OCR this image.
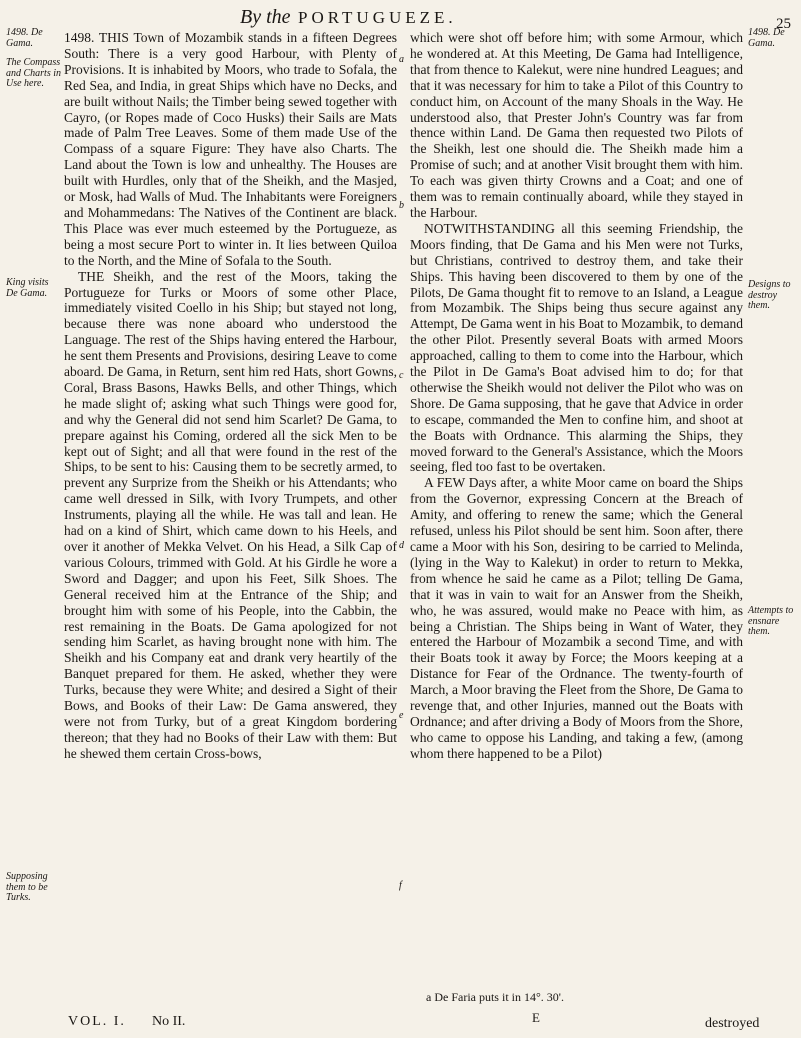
By the PORTUGUEZE.	25
1498. De Gama.
The Compass and Charts in Use here.
King visits De Gama.
Supposing them to be Turks.
1498. De Gama.
Designs to destroy them.
Attempts to ensnare them.
a
b
c
d
e
f

1498. THIS Town of Mozambik stands in a fifteen Degrees South: There is a very good Harbour, with Plenty of Provisions. It is inhabited by Moors, who trade to Sofala, the Red Sea, and India, in great Ships which have no Decks, and are built without Nails; the Timber being sewed together with Cayro, (or Ropes made of Coco Husks) their Sails are Mats made of Palm Tree Leaves. Some of them made Use of the Compass of a square Figure: They have also Charts. The Land about the Town is low and unhealthy. The Houses are built with Hurdles, only that of the Sheikh, and the Masjed, or Mosk, had Walls of Mud. The Inhabitants were Foreigners and Mohammedans: The Natives of the Continent are black. This Place was ever much esteemed by the Portugueze, as being a most secure Port to winter in. It lies between Quiloa to the North, and the Mine of Sofala to the South.

THE Sheikh, and the rest of the Moors, taking the Portugueze for Turks or Moors of some other Place, immediately visited Coello in his Ship; but stayed not long, because there was none aboard who understood the Language. The rest of the Ships having entered the Harbour, he sent them Presents and Provisions, desiring Leave to come aboard. De Gama, in Return, sent him red Hats, short Gowns, Coral, Brass Basons, Hawks Bells, and other Things, which he made slight of; asking what such Things were good for, and why the General did not send him Scarlet? De Gama, to prepare against his Coming, ordered all the sick Men to be kept out of Sight; and all that were found in the rest of the Ships, to be sent to his: Causing them to be secretly armed, to prevent any Surprize from the Sheikh or his Attendants; who came well dressed in Silk, with Ivory Trumpets, and other Instruments, playing all the while. He was tall and lean. He had on a kind of Shirt, which came down to his Heels, and over it another of Mekka Velvet. On his Head, a Silk Cap of various Colours, trimmed with Gold. At his Girdle he wore a Sword and Dagger; and upon his Feet, Silk Shoes. The General received him at the Entrance of the Ship; and brought him with some of his People, into the Cabbin, the rest remaining in the Boats. De Gama apologized for not sending him Scarlet, as having brought none with him. The Sheikh and his Company eat and drank very heartily of the Banquet prepared for them. He asked, whether they were Turks, because they were White; and desired a Sight of their Bows, and Books of their Law: De Gama answered, they were not from Turky, but of a great Kingdom bordering thereon; that they had no Books of their Law with them: But he shewed them certain Cross-bows,

which were shot off before him; with some Armour, which he wondered at. At this Meeting, De Gama had Intelligence, that from thence to Kalekut, were nine hundred Leagues; and that it was necessary for him to take a Pilot of this Country to conduct him, on Account of the many Shoals in the Way. He understood also, that Prester John's Country was far from thence within Land. De Gama then requested two Pilots of the Sheikh, lest one should die. The Sheikh made him a Promise of such; and at another Visit brought them with him. To each was given thirty Crowns and a Coat; and one of them was to remain continually aboard, while they stayed in the Harbour.

NOTWITHSTANDING all this seeming Friendship, the Moors finding, that De Gama and his Men were not Turks, but Christians, contrived to destroy them, and take their Ships. This having been discovered to them by one of the Pilots, De Gama thought fit to remove to an Island, a League from Mozambik. The Ships being thus secure against any Attempt, De Gama went in his Boat to Mozambik, to demand the other Pilot. Presently several Boats with armed Moors approached, calling to them to come into the Harbour, which the Pilot in De Gama's Boat advised him to do; for that otherwise the Sheikh would not deliver the Pilot who was on Shore. De Gama supposing, that he gave that Advice in order to escape, commanded the Men to confine him, and shoot at the Boats with Ordnance. This alarming the Ships, they moved forward to the General's Assistance, which the Moors seeing, fled too fast to be overtaken.

A FEW Days after, a white Moor came on board the Ships from the Governor, expressing Concern at the Breach of Amity, and offering to renew the same; which the General refused, unless his Pilot should be sent him. Soon after, there came a Moor with his Son, desiring to be carried to Melinda, (lying in the Way to Kalekut) in order to return to Mekka, from whence he said he came as a Pilot; telling De Gama, that it was in vain to wait for an Answer from the Sheikh, who, he was assured, would make no Peace with him, as being a Christian. The Ships being in Want of Water, they entered the Harbour of Mozambik a second Time, and with their Boats took it away by Force; the Moors keeping at a Distance for Fear of the Ordnance. The twenty-fourth of March, a Moor braving the Fleet from the Shore, De Gama to revenge that, and other Injuries, manned out the Boats with Ordnance; and after driving a Body of Moors from the Shore, who came to oppose his Landing, and taking a few, (among whom there happened to be a Pilot)

a De Faria puts it in 14°. 30'.
VOL. I. No II.	E	destroyed
